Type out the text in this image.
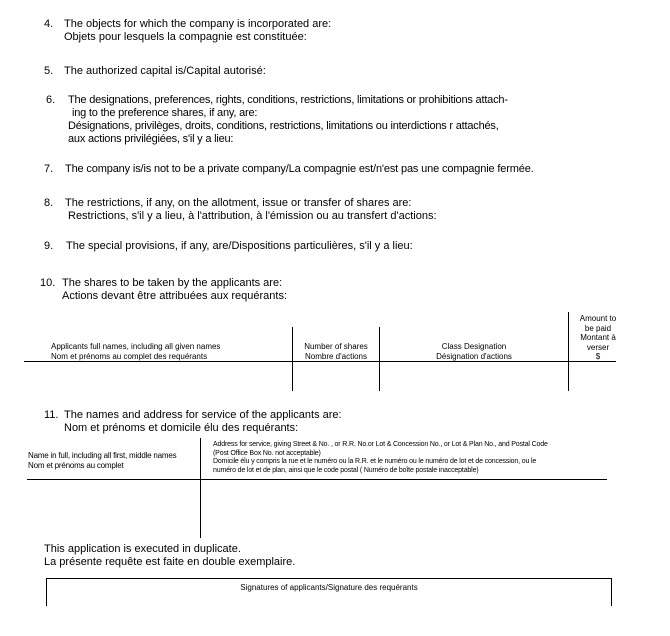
4. The objects for which the company is incorporated are:
Objets pour lesquels la compagnie est constituée:
5. The authorized capital is/Capital autorisé:
6. The designations, preferences, rights, conditions, restrictions, limitations or prohibitions attach-
ing to the preference shares, if any, are:
Désignations, privilèges, droits, conditions, restrictions, limitations ou interdictions r attachés,
aux actions privilégiées, s'il y a lieu:
7. The company is/is not to be a private company/La compagnie est/n'est pas une compagnie fermée.
8. The restrictions, if any, on the allotment, issue or transfer of shares are:
Restrictions, s'il y a lieu, à l'attribution, à l'émission ou au transfert d'actions:
9. The special provisions, if any, are/Dispositions particulières, s'il y a lieu:
10. The shares to be taken by the applicants are:
Actions devant être attribuées aux requérants:
Applicants full names, including all given names
Nom et prénoms au complet des requérants
Number of shares
Nombre d'actions
Class Designation
Désignation d'actions
Amount to
be paid
Montant à
verser
$
11. The names and address for service of the applicants are:
Nom et prénoms et domicile élu des requérants:
Name in full, including all first, middle names
Nom et prénoms au complet
Address for service, giving Street & No. , or R.R. No.or Lot & Concession No., or Lot & Plan No., and Postal Code
(Post Office Box No. not acceptable)
Domicile élu y compris la rue et le numéro ou la R.R. et le numéro ou le numéro de lot et de concession, ou le
numéro de lot et de plan, ainsi que le code postal ( Numéro de boîte postale inacceptable)
This application is executed in duplicate.
La présente requête est faite en double exemplaire.
Signatures of applicants/Signature des requérants
